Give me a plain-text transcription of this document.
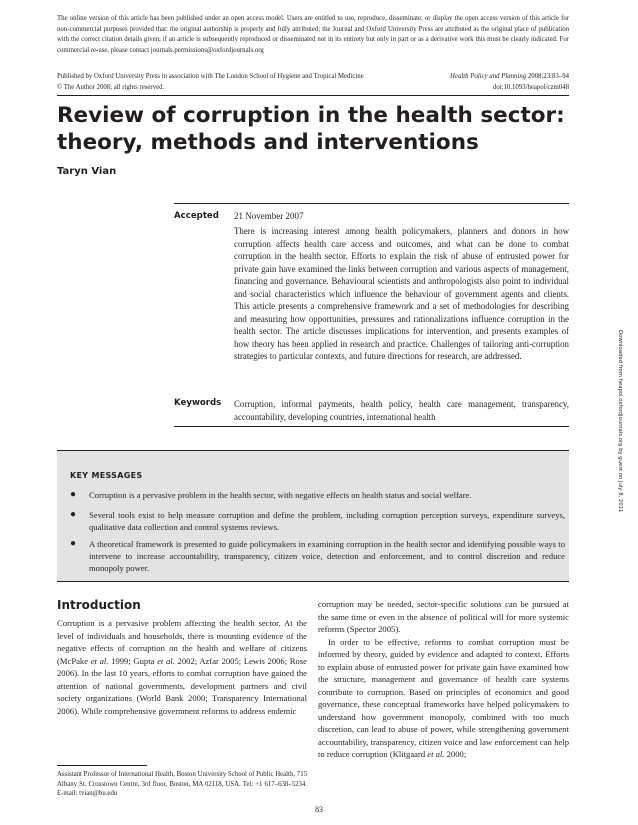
The online version of this article has been published under an open access model. Users are entitled to use, reproduce, disseminate, or display the open access version of this article for non-commercial purposes provided that: the original authorship is properly and fully attributed; the Journal and Oxford University Press are attributed as the original place of publication with the correct citation details given; if an article is subsequently reproduced or disseminated not in its entirety but only in part or as a derivative work this must be clearly indicated. For commercial re-use, please contact journals.permissions@oxfordjournals.org
Published by Oxford University Press in association with The London School of Hygiene and Tropical Medicine	Health Policy and Planning 2008;23:83–94
© The Author 2008; all rights reserved.	doi:10.1093/heapol/czm048
Review of corruption in the health sector: theory, methods and interventions
Taryn Vian
Accepted 21 November 2007
There is increasing interest among health policymakers, planners and donors in how corruption affects health care access and outcomes, and what can be done to combat corruption in the health sector. Efforts to explain the risk of abuse of entrusted power for private gain have examined the links between corruption and various aspects of management, financing and governance. Behavioural scientists and anthropologists also point to individual and social characteristics which influence the behaviour of government agents and clients. This article presents a comprehensive framework and a set of methodologies for describing and measuring how opportunities, pressures and rationalizations influence corruption in the health sector. The article discusses implications for intervention, and presents examples of how theory has been applied in research and practice. Challenges of tailoring anti-corruption strategies to particular contexts, and future directions for research, are addressed.
Keywords Corruption, informal payments, health policy, health care management, transparency, accountability, developing countries, international health
KEY MESSAGES
● Corruption is a pervasive problem in the health sector, with negative effects on health status and social welfare.
● Several tools exist to help measure corruption and define the problem, including corruption perception surveys, expenditure surveys, qualitative data collection and control systems reviews.
● A theoretical framework is presented to guide policymakers in examining corruption in the health sector and identifying possible ways to intervene to increase accountability, transparency, citizen voice, detection and enforcement, and to control discretion and reduce monopoly power.
Introduction
Corruption is a pervasive problem affecting the health sector. At the level of individuals and households, there is mounting evidence of the negative effects of corruption on the health and welfare of citizens (McPake et al. 1999; Gupta et al. 2002; Azfar 2005; Lewis 2006; Rose 2006). In the last 10 years, efforts to combat corruption have gained the attention of national governments, development partners and civil society organizations (World Bank 2000; Transparency International 2006). While comprehensive government reforms to address endemic
Assistant Professor of International Health, Boston University School of Public Health, 715 Albany St. Crosstown Centre, 3rd floor, Boston, MA 02118, USA. Tel: +1 617–638–5234. E-mail: tvian@bu.edu

corruption may be needed, sector-specific solutions can be pursued at the same time or even in the absence of political will for more systemic reforms (Spector 2005).

In order to be effective, reforms to combat corruption must be informed by theory, guided by evidence and adapted to context. Efforts to explain abuse of entrusted power for private gain have examined how the structure, management and governance of health care systems contribute to corruption. Based on principles of economics and good governance, these conceptual frameworks have helped policymakers to understand how government monopoly, combined with too much discretion, can lead to abuse of power, while strengthening government accountability, transparency, citizen voice and law enforcement can help to reduce corruption (Klitgaard et al. 2000;

83
Downloaded from heapol.oxfordjournals.org by guest on July 8, 2011
